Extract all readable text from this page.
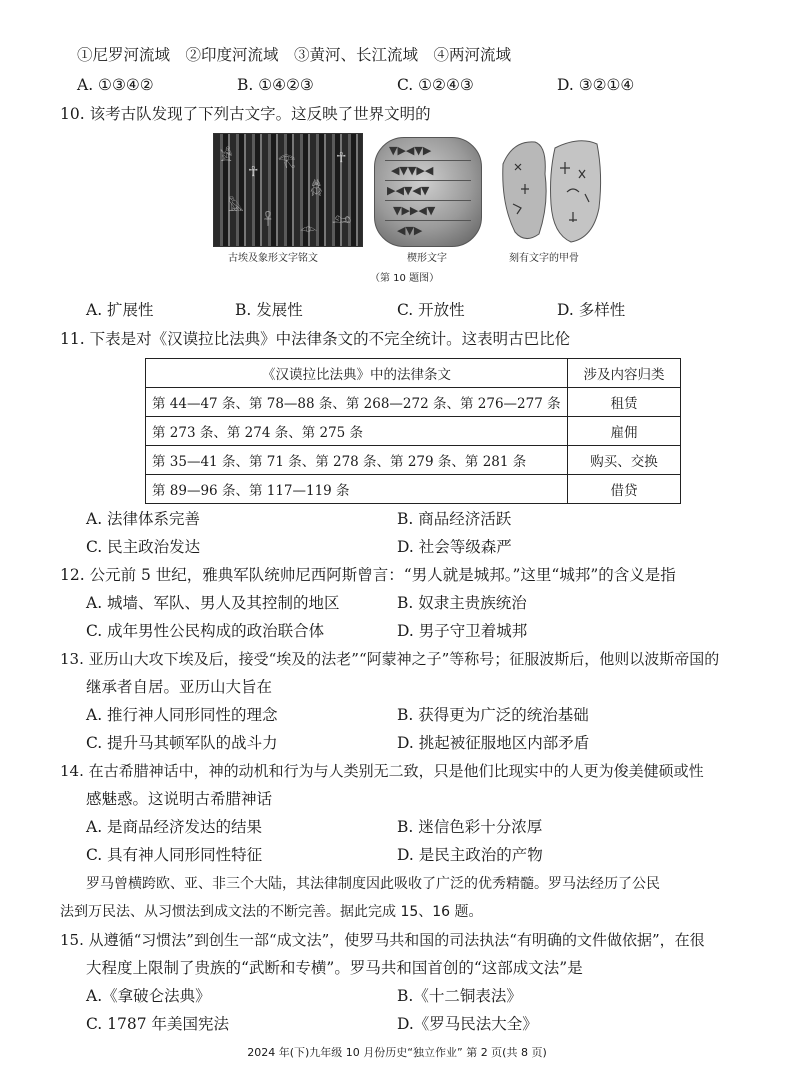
①尼罗河流域　②印度河流域　③黄河、长江流域　④两河流域
A. ①③④②	B. ①④②③	C. ①②④③	D. ③②①④
10. 该考古队发现了下列古文字。这反映了世界文明的
𓀀
☥
𓂀
𓆣
☥
𓅓
𓋹 𓁹
𓃭
▼▶◀▼▶
◀▼▼▶◀
▶◀▼◀▼
▼▶▶◀▼
◀▼▶
古埃及象形文字铭文	楔形文字	刻有文字的甲骨
（第 10 题图）
A. 扩展性	B. 发展性	C. 开放性	D. 多样性
11. 下表是对《汉谟拉比法典》中法律条文的不完全统计。这表明古巴比伦
《汉谟拉比法典》中的法律条文	涉及内容归类
第 44—47 条、第 78—88 条、第 268—272 条、第 276—277 条	租赁
第 273 条、第 274 条、第 275 条	雇佣
第 35—41 条、第 71 条、第 278 条、第 279 条、第 281 条	购买、交换
第 89—96 条、第 117—119 条	借贷
A. 法律体系完善	B. 商品经济活跃
C. 民主政治发达	D. 社会等级森严
12. 公元前 5 世纪，雅典军队统帅尼西阿斯曾言：“男人就是城邦。”这里“城邦”的含义是指
A. 城墙、军队、男人及其控制的地区	B. 奴隶主贵族统治
C. 成年男性公民构成的政治联合体	D. 男子守卫着城邦
13. 亚历山大攻下埃及后，接受“埃及的法老”“阿蒙神之子”等称号；征服波斯后，他则以波斯帝国的
继承者自居。亚历山大旨在
A. 推行神人同形同性的理念	B. 获得更为广泛的统治基础
C. 提升马其顿军队的战斗力	D. 挑起被征服地区内部矛盾
14. 在古希腊神话中，神的动机和行为与人类别无二致，只是他们比现实中的人更为俊美健硕或性
感魅惑。这说明古希腊神话
A. 是商品经济发达的结果	B. 迷信色彩十分浓厚
C. 具有神人同形同性特征	D. 是民主政治的产物
罗马曾横跨欧、亚、非三个大陆，其法律制度因此吸收了广泛的优秀精髓。罗马法经历了公民
法到万民法、从习惯法到成文法的不断完善。据此完成 15、16 题。
15. 从遵循“习惯法”到创生一部“成文法”，使罗马共和国的司法执法“有明确的文件做依据”，在很
大程度上限制了贵族的“武断和专横”。罗马共和国首创的“这部成文法”是
A.《拿破仑法典》	B.《十二铜表法》
C. 1787 年美国宪法	D.《罗马民法大全》
2024 年(下)九年级 10 月份历史“独立作业” 第 2 页(共 8 页)
